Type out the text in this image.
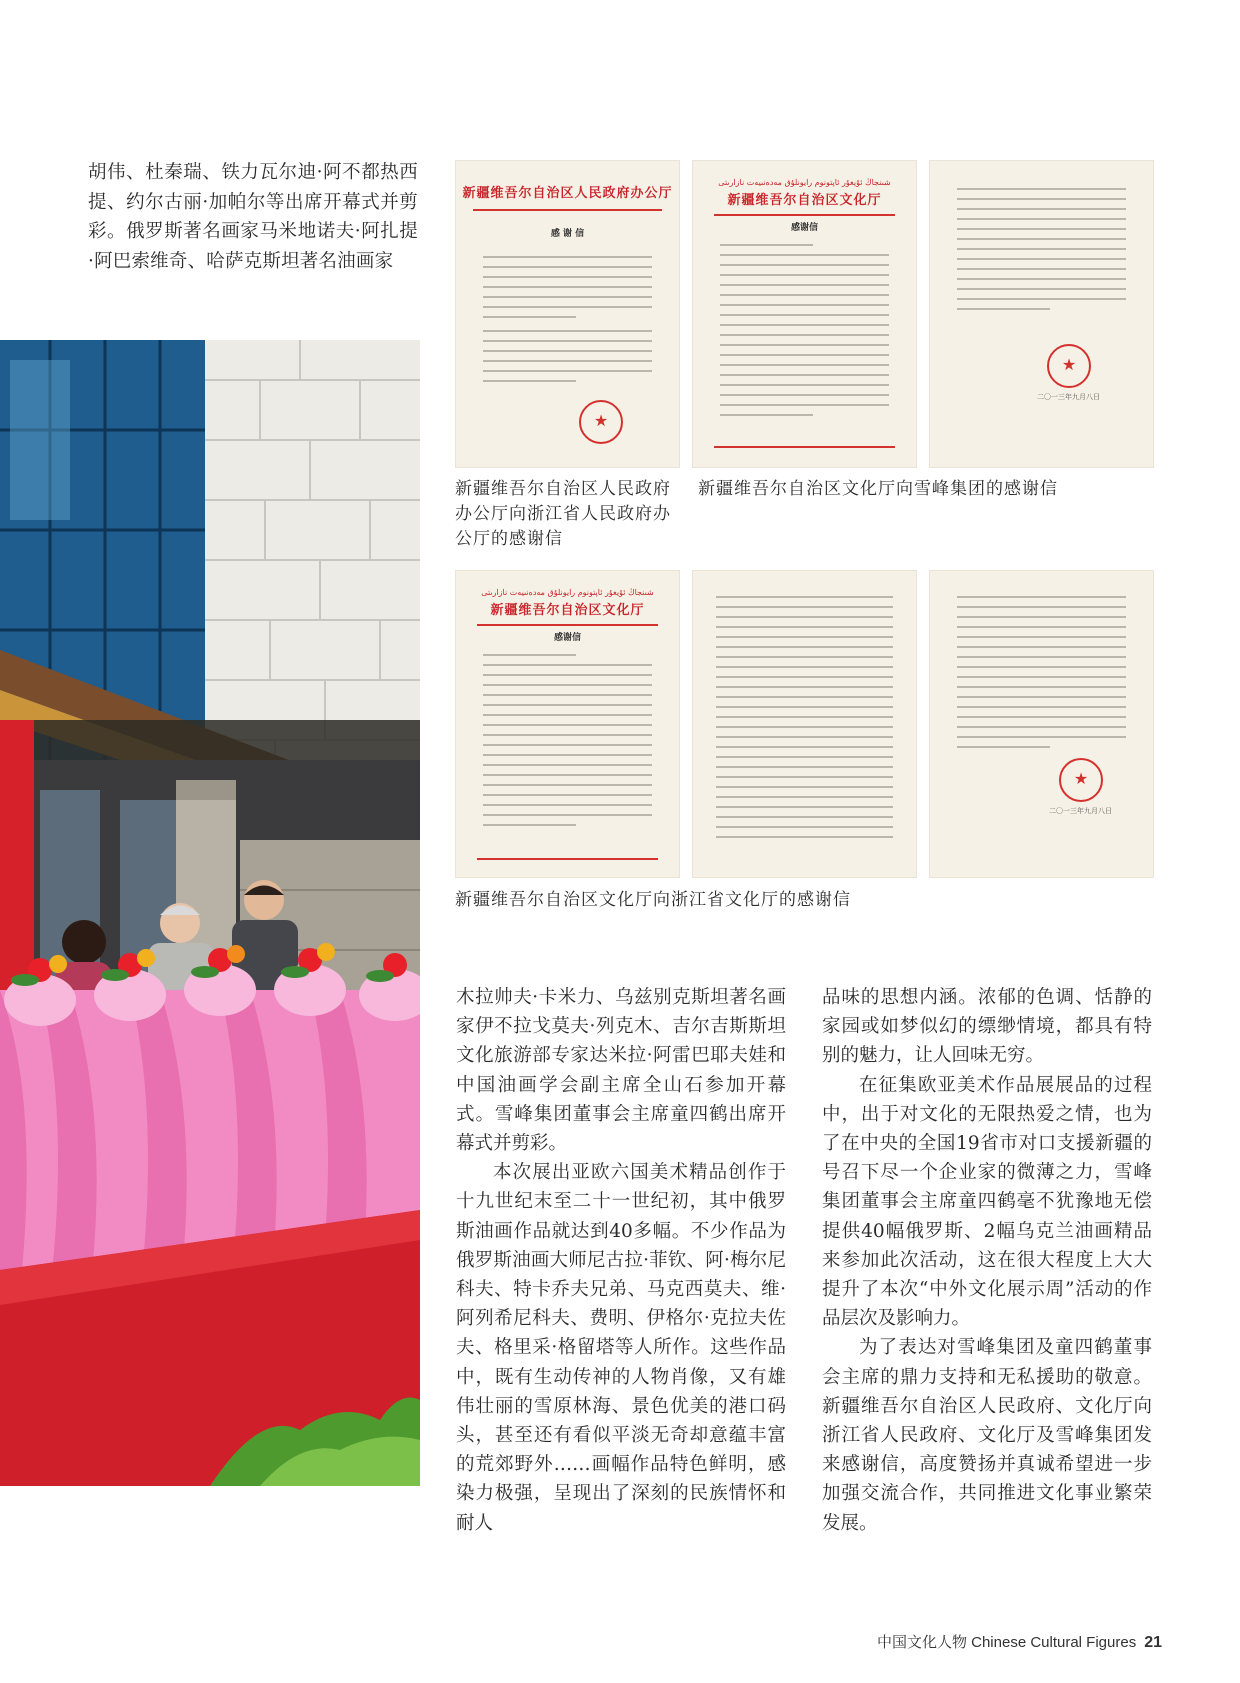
胡伟、杜秦瑞、铁力瓦尔迪·阿不都热西提、约尔古丽·加帕尔等出席开幕式并剪彩。俄罗斯著名画家马米地诺夫·阿扎提·阿巴索维奇、哈萨克斯坦著名油画家

新疆维吾尔自治区人民政府办公厅
感 谢 信
★
شىنجاڭ ئۇيغۇر ئاپتونوم رايونلۇق مەدەنىيەت نازارىتى
新疆维吾尔自治区文化厅
感谢信
★
二〇一三年九月八日

新疆维吾尔自治区人民政府办公厅向浙江省人民政府办公厅的感谢信

新疆维吾尔自治区文化厅向雪峰集团的感谢信

شىنجاڭ ئۇيغۇر ئاپتونوم رايونلۇق مەدەنىيەت نازارىتى
新疆维吾尔自治区文化厅
感谢信
★
二〇一三年九月八日

新疆维吾尔自治区文化厅向浙江省文化厅的感谢信

木拉帅夫·卡米力、乌兹别克斯坦著名画家伊不拉戈莫夫·列克木、吉尔吉斯斯坦文化旅游部专家达米拉·阿雷巴耶夫娃和中国油画学会副主席全山石参加开幕式。雪峰集团董事会主席童四鹤出席开幕式并剪彩。

本次展出亚欧六国美术精品创作于十九世纪末至二十一世纪初，其中俄罗斯油画作品就达到40多幅。不少作品为俄罗斯油画大师尼古拉·菲钦、阿·梅尔尼科夫、特卡乔夫兄弟、马克西莫夫、维·阿列希尼科夫、费明、伊格尔·克拉夫佐夫、格里采·格留塔等人所作。这些作品中，既有生动传神的人物肖像，又有雄伟壮丽的雪原林海、景色优美的港口码头，甚至还有看似平淡无奇却意蕴丰富的荒郊野外……画幅作品特色鲜明，感染力极强，呈现出了深刻的民族情怀和耐人

品味的思想内涵。浓郁的色调、恬静的家园或如梦似幻的缥缈情境，都具有特别的魅力，让人回味无穷。

在征集欧亚美术作品展展品的过程中，出于对文化的无限热爱之情，也为了在中央的全国19省市对口支援新疆的号召下尽一个企业家的微薄之力，雪峰集团董事会主席童四鹤毫不犹豫地无偿提供40幅俄罗斯、2幅乌克兰油画精品来参加此次活动，这在很大程度上大大提升了本次“中外文化展示周”活动的作品层次及影响力。

为了表达对雪峰集团及童四鹤董事会主席的鼎力支持和无私援助的敬意。新疆维吾尔自治区人民政府、文化厅向浙江省人民政府、文化厅及雪峰集团发来感谢信，高度赞扬并真诚希望进一步加强交流合作，共同推进文化事业繁荣发展。

中国文化人物 Chinese Cultural Figures 21
